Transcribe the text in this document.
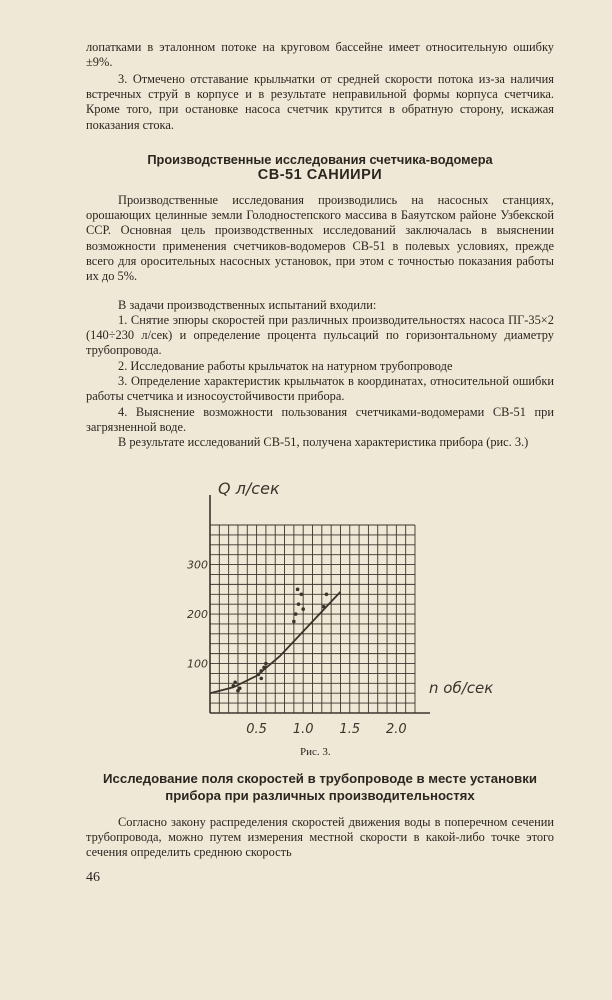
лопатками в эталонном потоке на круговом бассейне имеет относительную ошибку ±9%.

3. Отмечено отставание крыльчатки от средней скорости потока из-за наличия встречных струй в корпусе и в результате неправильной формы корпуса счетчика. Кроме того, при остановке насоса счетчик крутится в обратную сторону, искажая показания стока.

Производственные исследования счетчика-водомера

СВ-51 САНИИРИ

Производственные исследования производились на насосных станциях, орошающих целинные земли Голодностепского массива в Баяутском районе Узбекской ССР. Основная цель производственных исследований заключалась в выяснении возможности применения счетчиков-водомеров СВ-51 в полевых условиях, прежде всего для оросительных насосных установок, при этом с точностью показания работы их до 5%.

В задачи производственных испытаний входили:

1. Снятие эпюры скоростей при различных производительностях насоса ПГ-35×2 (140÷230 л/сек) и определение процента пульсаций по горизонтальному диаметру трубопровода.

2. Исследование работы крыльчаток на натурном трубопроводе

3. Определение характеристик крыльчаток в координатах, относительной ошибки работы счетчика и износоустойчивости прибора.

4. Выяснение возможности пользования счетчиками-водомерами СВ-51 при загрязненной воде.

В результате исследований СВ-51, получена характеристика прибора (рис. 3.)

0.5 1.0 1.5 2.0
100
200
300
Q л/сек
n об/сек
Рис. 3.

Исследование поля скоростей в трубопроводе в месте установки

прибора при различных производительностях

Согласно закону распределения скоростей движения воды в поперечном сечении трубопровода, можно путем измерения местной скорости в какой-либо точке этого сечения определить среднюю скорость

46
